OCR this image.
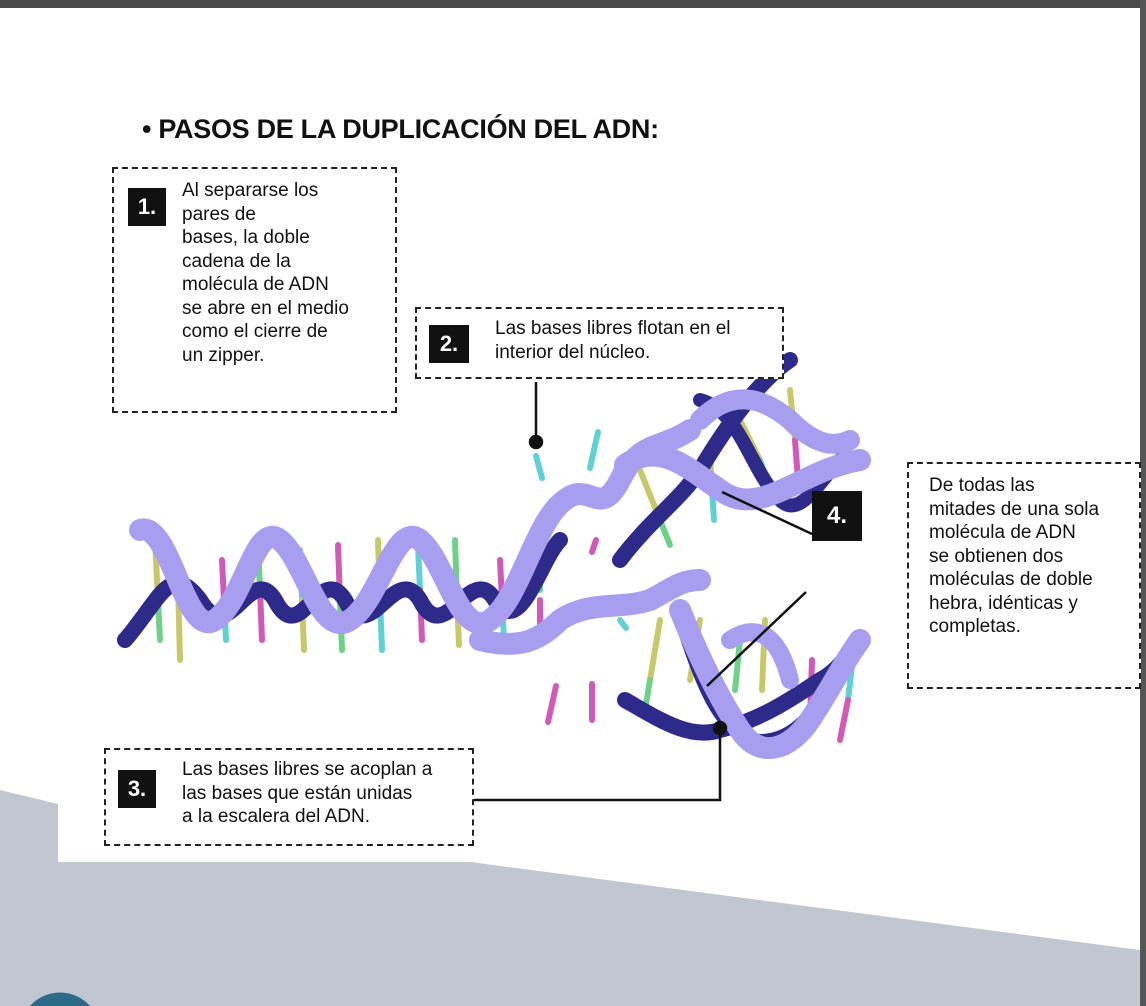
• PASOS DE LA DUPLICACIÓN DEL ADN:
1.
Al separarse los
pares de
bases, la doble
cadena de la
molécula de ADN
se abre en el medio
como el cierre de
un zipper.	2.
Las bases libres flotan en el
interior del núcleo.
3.
Las bases libres se acoplan a
las bases que están unidas
a la escalera del ADN.
De todas las
mitades de una sola
molécula de ADN
se obtienen dos
moléculas de doble
hebra, idénticas y
completas.
4.
